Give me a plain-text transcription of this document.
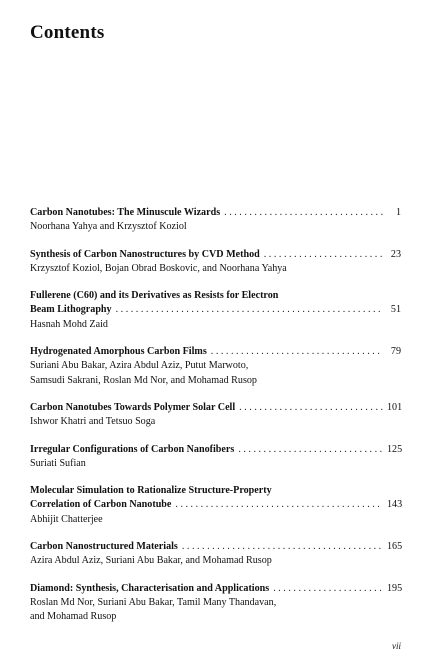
Contents
Carbon Nanotubes: The Minuscule Wizards . . .	1
Noorhana Yahya and Krzysztof Koziol
Synthesis of Carbon Nanostructures by CVD Method . . .	23
Krzysztof Koziol, Bojan Obrad Boskovic, and Noorhana Yahya
Fullerene (C60) and its Derivatives as Resists for Electron
Beam Lithography . . .	51
Hasnah Mohd Zaid
Hydrogenated Amorphous Carbon Films . . .	79
Suriani Abu Bakar, Azira Abdul Aziz, Putut Marwoto,
Samsudi Sakrani, Roslan Md Nor, and Mohamad Rusop
Carbon Nanotubes Towards Polymer Solar Cell . . .	101
Ishwor Khatri and Tetsuo Soga
Irregular Configurations of Carbon Nanofibers . . .	125
Suriati Sufian
Molecular Simulation to Rationalize Structure-Property
Correlation of Carbon Nanotube . . .	143
Abhijit Chatterjee
Carbon Nanostructured Materials . . .	165
Azira Abdul Aziz, Suriani Abu Bakar, and Mohamad Rusop
Diamond: Synthesis, Characterisation and Applications . . .	195
Roslan Md Nor, Suriani Abu Bakar, Tamil Many Thandavan,
and Mohamad Rusop
vii
